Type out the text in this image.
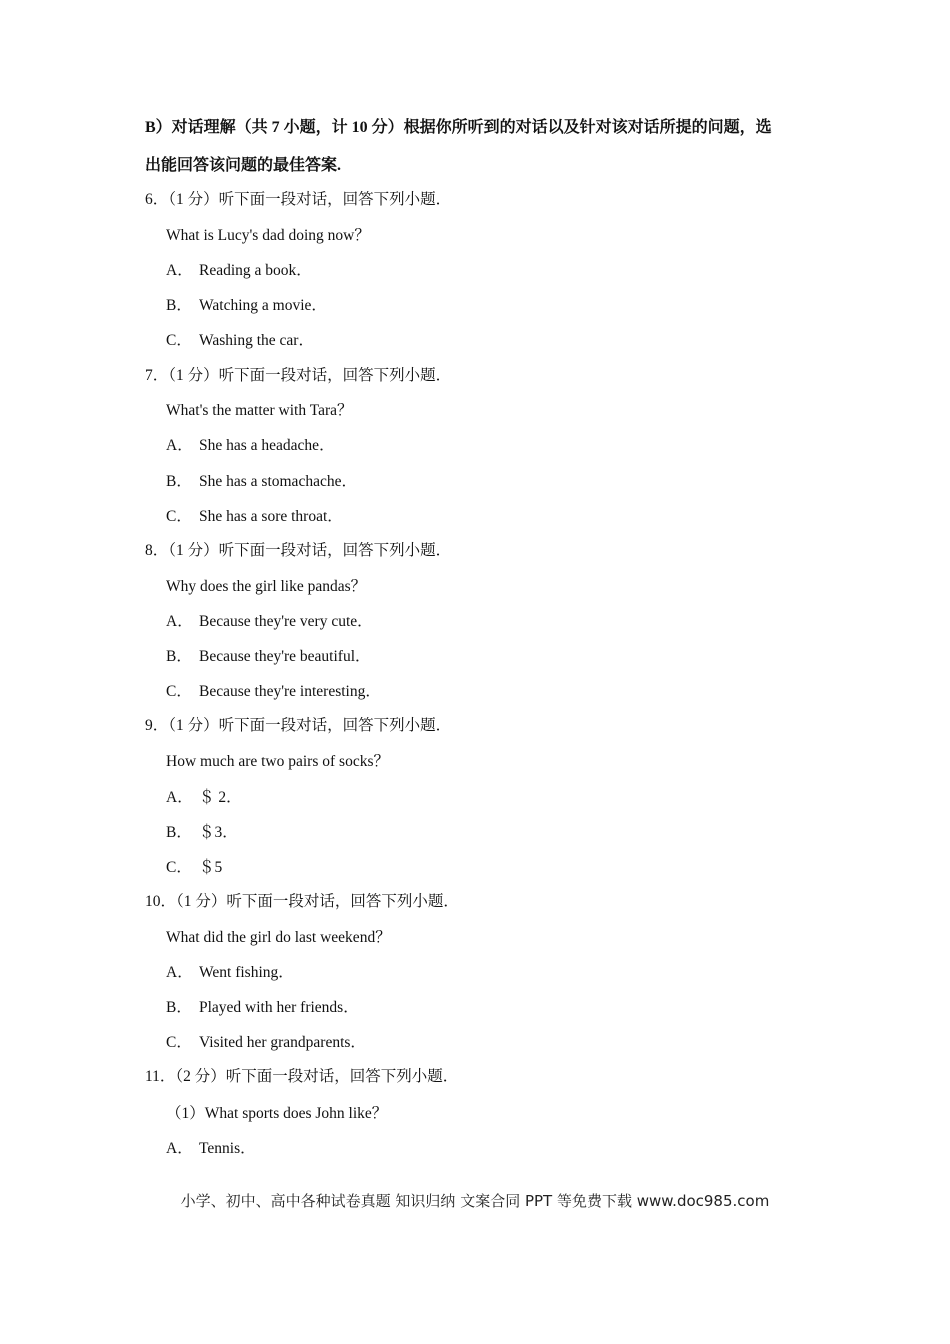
B）对话理解（共 7 小题，计 10 分）根据你所听到的对话以及针对该对话所提的问题，选
出能回答该问题的最佳答案.
6．（1 分）听下面一段对话，回答下列小题．
What is Lucy's dad doing now？
A． Reading a book．
B． Watching a movie．
C． Washing the car．
7．（1 分）听下面一段对话，回答下列小题．
What's the matter with Tara？
A． She has a headache．
B． She has a stomachache．
C． She has a sore throat．
8．（1 分）听下面一段对话，回答下列小题．
Why does the girl like pandas？
A． Because they're very cute．
B． Because they're beautiful．
C． Because they're interesting．
9．（1 分）听下面一段对话，回答下列小题．
How much are two pairs of socks？
A． ＄ 2．
B． ＄3．
C． ＄5
10．（1 分）听下面一段对话，回答下列小题．
What did the girl do last weekend？
A． Went fishing．
B． Played with her friends．
C． Visited her grandparents．
11．（2 分）听下面一段对话，回答下列小题．
（1）What sports does John like？
A． Tennis．
小学、初中、高中各种试卷真题 知识归纳 文案合同 PPT 等免费下载 www.doc985.com
